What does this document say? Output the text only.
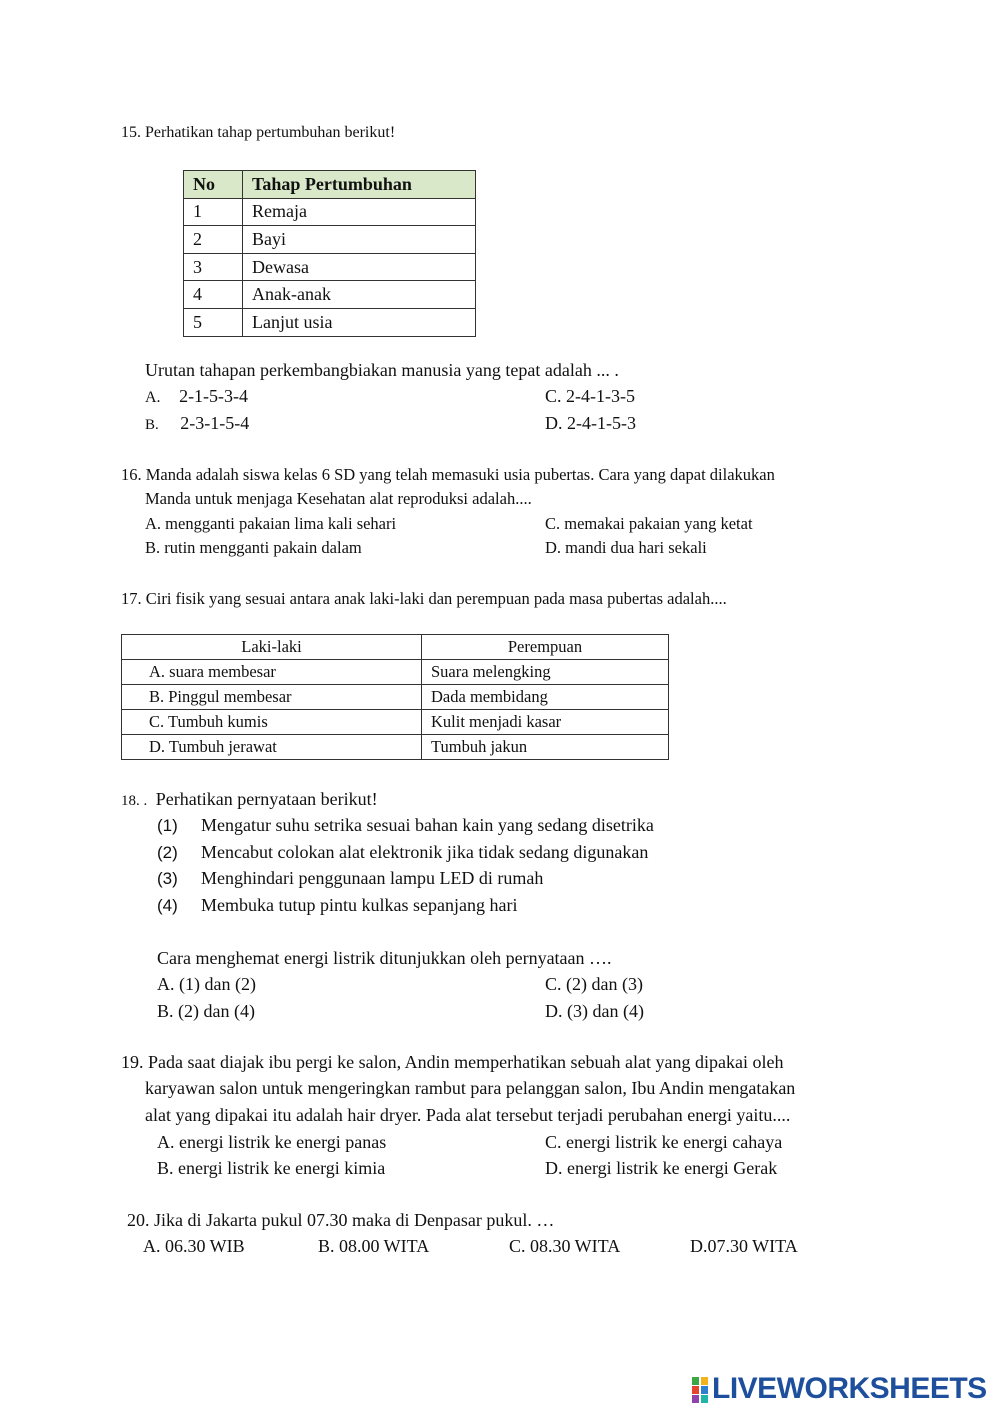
15. Perhatikan tahap pertumbuhan berikut!
No	Tahap Pertumbuhan
1	Remaja
2	Bayi
3	Dewasa
4	Anak-anak
5	Lanjut usia
Urutan tahapan perkembangbiakan manusia yang tepat adalah ... .
A. 2-1-5-3-4
B. 2-3-1-5-4
C. 2-4-1-3-5
D. 2-4-1-5-3
16. Manda adalah siswa kelas 6 SD yang telah memasuki usia pubertas. Cara yang dapat dilakukan
Manda untuk menjaga Kesehatan alat reproduksi adalah....
A. mengganti pakaian lima kali sehari
B. rutin mengganti pakain dalam
C. memakai pakaian yang ketat
D. mandi dua hari sekali
17. Ciri fisik yang sesuai antara anak laki-laki dan perempuan pada masa pubertas adalah....
Laki-laki	Perempuan
A. suara membesar	Suara melengking
B. Pinggul membesar	Dada membidang
C. Tumbuh kumis	Kulit menjadi kasar
D. Tumbuh jerawat	Tumbuh jakun
18. . Perhatikan pernyataan berikut!
(1) Mengatur suhu setrika sesuai bahan kain yang sedang disetrika
(2) Mencabut colokan alat elektronik jika tidak sedang digunakan
(3) Menghindari penggunaan lampu LED di rumah
(4) Membuka tutup pintu kulkas sepanjang hari
Cara menghemat energi listrik ditunjukkan oleh pernyataan ….
A. (1) dan (2)
B. (2) dan (4)
C. (2) dan (3)
D. (3) dan (4)
19. Pada saat diajak ibu pergi ke salon, Andin memperhatikan sebuah alat yang dipakai oleh
karyawan salon untuk mengeringkan rambut para pelanggan salon, Ibu Andin mengatakan
alat yang dipakai itu adalah hair dryer. Pada alat tersebut terjadi perubahan energi yaitu....
A. energi listrik ke energi panas
B. energi listrik ke energi kimia
C. energi listrik ke energi cahaya
D. energi listrik ke energi Gerak
20. Jika di Jakarta pukul 07.30 maka di Denpasar pukul. …
A. 06.30 WIB	B. 08.00 WITA	C. 08.30 WITA	D.07.30 WITA
LIVEWORKSHEETS
